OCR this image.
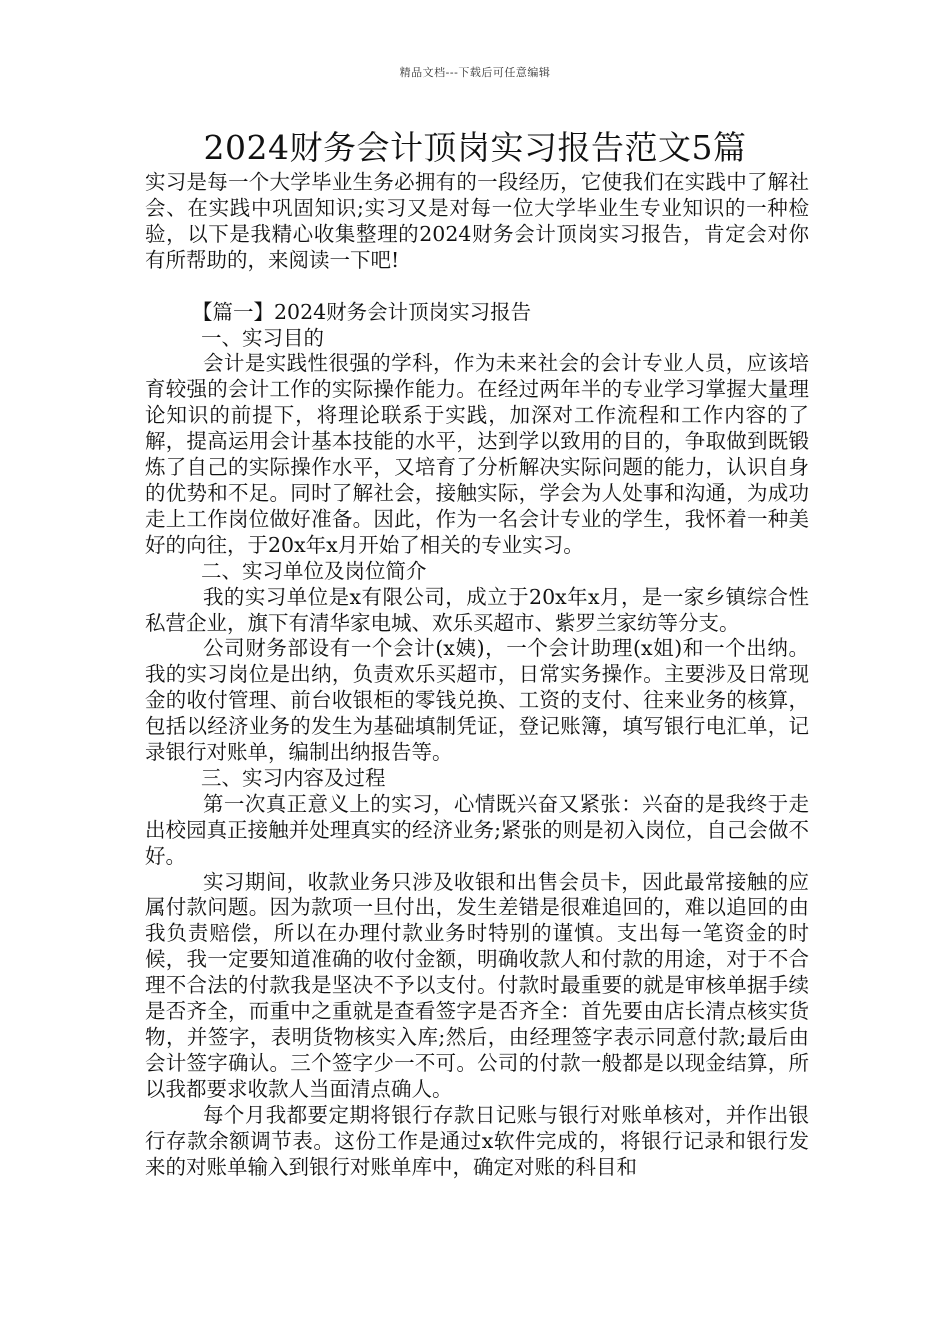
精品文档---下载后可任意编辑
2024财务会计顶岗实习报告范文5篇

实习是每一个大学毕业生务必拥有的一段经历，它使我们在实践中了解社会、在实践中巩固知识;实习又是对每一位大学毕业生专业知识的一种检验，以下是我精心收集整理的2024财务会计顶岗实习报告，肯定会对你有所帮助的，来阅读一下吧!

【篇一】2024财务会计顶岗实习报告

一、实习目的

会计是实践性很强的学科，作为未来社会的会计专业人员，应该培育较强的会计工作的实际操作能力。在经过两年半的专业学习掌握大量理论知识的前提下，将理论联系于实践，加深对工作流程和工作内容的了解，提高运用会计基本技能的水平，达到学以致用的目的，争取做到既锻炼了自己的实际操作水平，又培育了分析解决实际问题的能力，认识自身的优势和不足。同时了解社会，接触实际，学会为人处事和沟通，为成功走上工作岗位做好准备。因此，作为一名会计专业的学生，我怀着一种美好的向往，于20x年x月开始了相关的专业实习。

二、实习单位及岗位简介

我的实习单位是x有限公司，成立于20x年x月，是一家乡镇综合性私营企业，旗下有清华家电城、欢乐买超市、紫罗兰家纺等分支。

公司财务部设有一个会计(x姨)，一个会计助理(x姐)和一个出纳。我的实习岗位是出纳，负责欢乐买超市，日常实务操作。主要涉及日常现金的收付管理、前台收银柜的零钱兑换、工资的支付、往来业务的核算，包括以经济业务的发生为基础填制凭证，登记账簿，填写银行电汇单，记录银行对账单，编制出纳报告等。

三、实习内容及过程

第一次真正意义上的实习，心情既兴奋又紧张：兴奋的是我终于走出校园真正接触并处理真实的经济业务;紧张的则是初入岗位，自己会做不好。

实习期间，收款业务只涉及收银和出售会员卡，因此最常接触的应属付款问题。因为款项一旦付出，发生差错是很难追回的，难以追回的由我负责赔偿，所以在办理付款业务时特别的谨慎。支出每一笔资金的时候，我一定要知道准确的收付金额，明确收款人和付款的用途，对于不合理不合法的付款我是坚决不予以支付。付款时最重要的就是审核单据手续是否齐全，而重中之重就是查看签字是否齐全：首先要由店长清点核实货物，并签字，表明货物核实入库;然后，由经理签字表示同意付款;最后由会计签字确认。三个签字少一不可。公司的付款一般都是以现金结算，所以我都要求收款人当面清点确人。

每个月我都要定期将银行存款日记账与银行对账单核对，并作出银行存款余额调节表。这份工作是通过x软件完成的，将银行记录和银行发来的对账单输入到银行对账单库中，确定对账的科目和
